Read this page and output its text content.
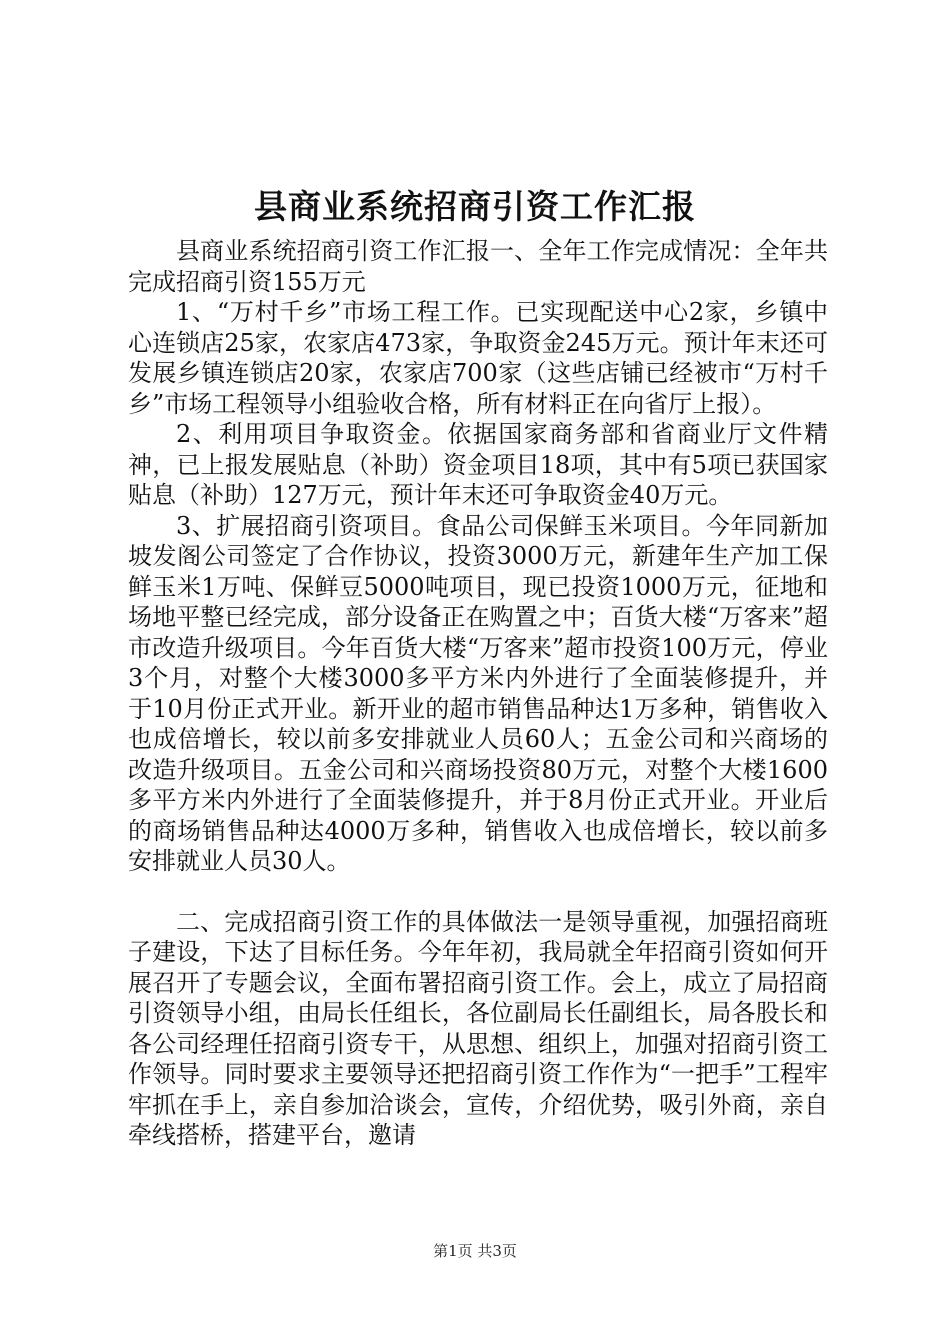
县商业系统招商引资工作汇报

县商业系统招商引资工作汇报一、全年工作完成情况：全年共完成招商引资155万元

1、“万村千乡”市场工程工作。已实现配送中心2家，乡镇中心连锁店25家，农家店473家，争取资金245万元。预计年末还可发展乡镇连锁店20家，农家店700家（这些店铺已经被市“万村千乡”市场工程领导小组验收合格，所有材料正在向省厅上报）。

2、利用项目争取资金。依据国家商务部和省商业厅文件精神，已上报发展贴息（补助）资金项目18项，其中有5项已获国家贴息（补助）127万元，预计年末还可争取资金40万元。

3、扩展招商引资项目。食品公司保鲜玉米项目。今年同新加坡发阁公司签定了合作协议，投资3000万元，新建年生产加工保鲜玉米1万吨、保鲜豆5000吨项目，现已投资1000万元，征地和场地平整已经完成，部分设备正在购置之中；百货大楼“万客来”超市改造升级项目。今年百货大楼“万客来”超市投资100万元，停业3个月，对整个大楼3000多平方米内外进行了全面装修提升，并于10月份正式开业。新开业的超市销售品种达1万多种，销售收入也成倍增长，较以前多安排就业人员60人；五金公司和兴商场的改造升级项目。五金公司和兴商场投资80万元，对整个大楼1600多平方米内外进行了全面装修提升，并于8月份正式开业。开业后的商场销售品种达4000万多种，销售收入也成倍增长，较以前多安排就业人员30人。

二、完成招商引资工作的具体做法一是领导重视，加强招商班子建设，下达了目标任务。今年年初，我局就全年招商引资如何开展召开了专题会议，全面布署招商引资工作。会上，成立了局招商引资领导小组，由局长任组长，各位副局长任副组长，局各股长和各公司经理任招商引资专干，从思想、组织上，加强对招商引资工作领导。同时要求主要领导还把招商引资工作作为“一把手”工程牢牢抓在手上，亲自参加洽谈会，宣传，介绍优势，吸引外商，亲自牵线搭桥，搭建平台，邀请

第1页 共3页
